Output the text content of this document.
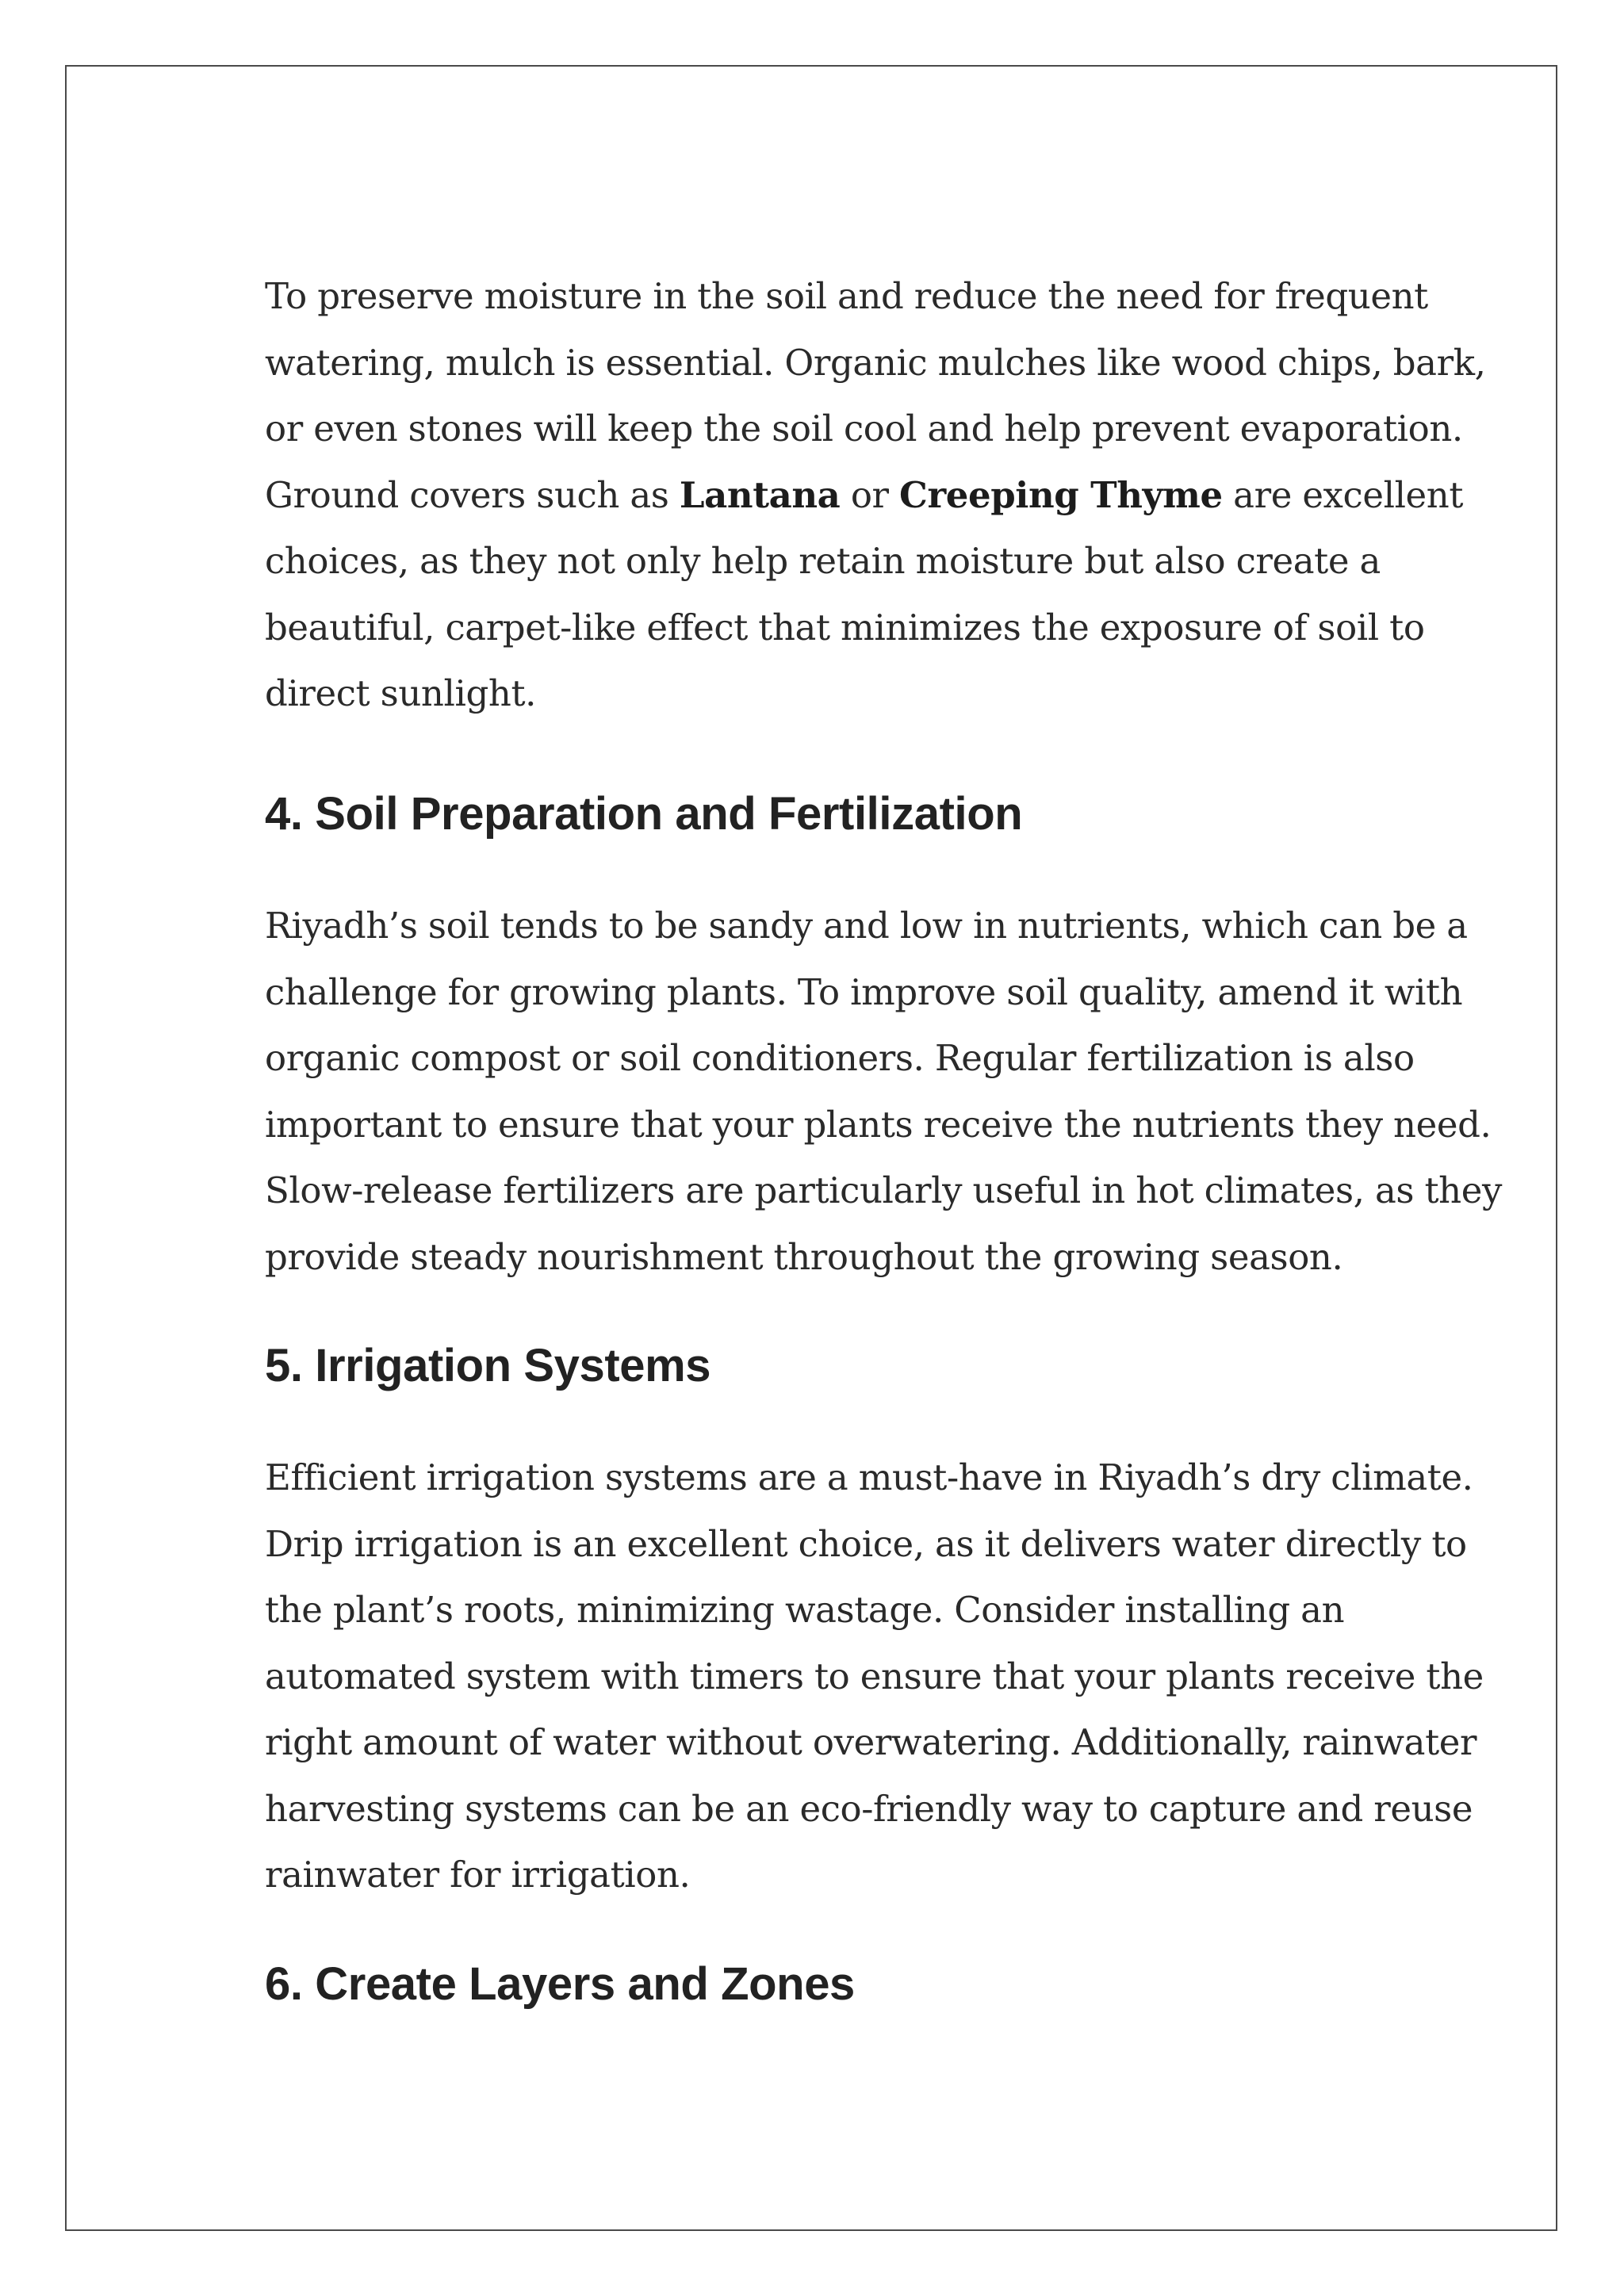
To preserve moisture in the soil and reduce the need for frequent
watering, mulch is essential. Organic mulches like wood chips, bark,
or even stones will keep the soil cool and help prevent evaporation.
Ground covers such as Lantana or Creeping Thyme are excellent
choices, as they not only help retain moisture but also create a
beautiful, carpet-like effect that minimizes the exposure of soil to
direct sunlight.

4. Soil Preparation and Fertilization

Riyadh’s soil tends to be sandy and low in nutrients, which can be a
challenge for growing plants. To improve soil quality, amend it with
organic compost or soil conditioners. Regular fertilization is also
important to ensure that your plants receive the nutrients they need.
Slow-release fertilizers are particularly useful in hot climates, as they
provide steady nourishment throughout the growing season.

5. Irrigation Systems

Efficient irrigation systems are a must-have in Riyadh’s dry climate.
Drip irrigation is an excellent choice, as it delivers water directly to
the plant’s roots, minimizing wastage. Consider installing an
automated system with timers to ensure that your plants receive the
right amount of water without overwatering. Additionally, rainwater
harvesting systems can be an eco-friendly way to capture and reuse
rainwater for irrigation.

6. Create Layers and Zones
